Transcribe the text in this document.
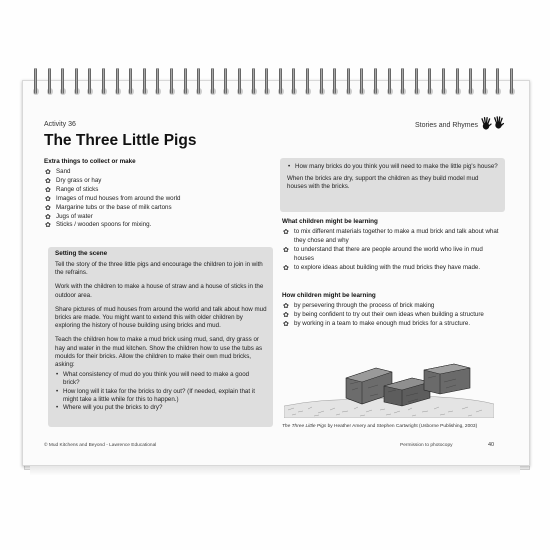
Activity 36
The Three Little Pigs
Stories and Rhymes
Extra things to collect or make
✿ Sand
✿ Dry grass or hay
✿ Range of sticks
✿ Images of mud houses from around the world
✿ Margarine tubs or the base of milk cartons
✿ Jugs of water
✿ Sticks / wooden spoons for mixing.
Setting the scene

Tell the story of the three little pigs and encourage the children to join in with the refrains.

Work with the children to make a house of straw and a house of sticks in the outdoor area.

Share pictures of mud houses from around the world and talk about how mud bricks are made. You might want to extend this with older children by exploring the history of house building using bricks and mud.

Teach the children how to make a mud brick using mud, sand, dry grass or hay and water in the mud kitchen. Show the children how to use the tubs as moulds for their bricks. Allow the children to make their own mud bricks, asking:

• What consistency of mud do you think you will need to make a good brick?
• How long will it take for the bricks to dry out? (If needed, explain that it might take a little while for this to happen.)
• Where will you put the bricks to dry?
• How many bricks do you think you will need to make the little pig's house?

When the bricks are dry, support the children as they build model mud houses with the bricks.

What children might be learning
✿ to mix different materials together to make a mud brick and talk about what they chose and why
✿ to understand that there are people around the world who live in mud houses
✿ to explore ideas about building with the mud bricks they have made.
How children might be learning
✿ by persevering through the process of brick making
✿ by being confident to try out their own ideas when building a structure
✿ by working in a team to make enough mud bricks for a structure.
The Three Little Pigs by Heather Amery and Stephen Cartwright (Usborne Publishing, 2003)
© Mud Kitchens and Beyond - Lawrence Educational	Permission to photocopy	40
